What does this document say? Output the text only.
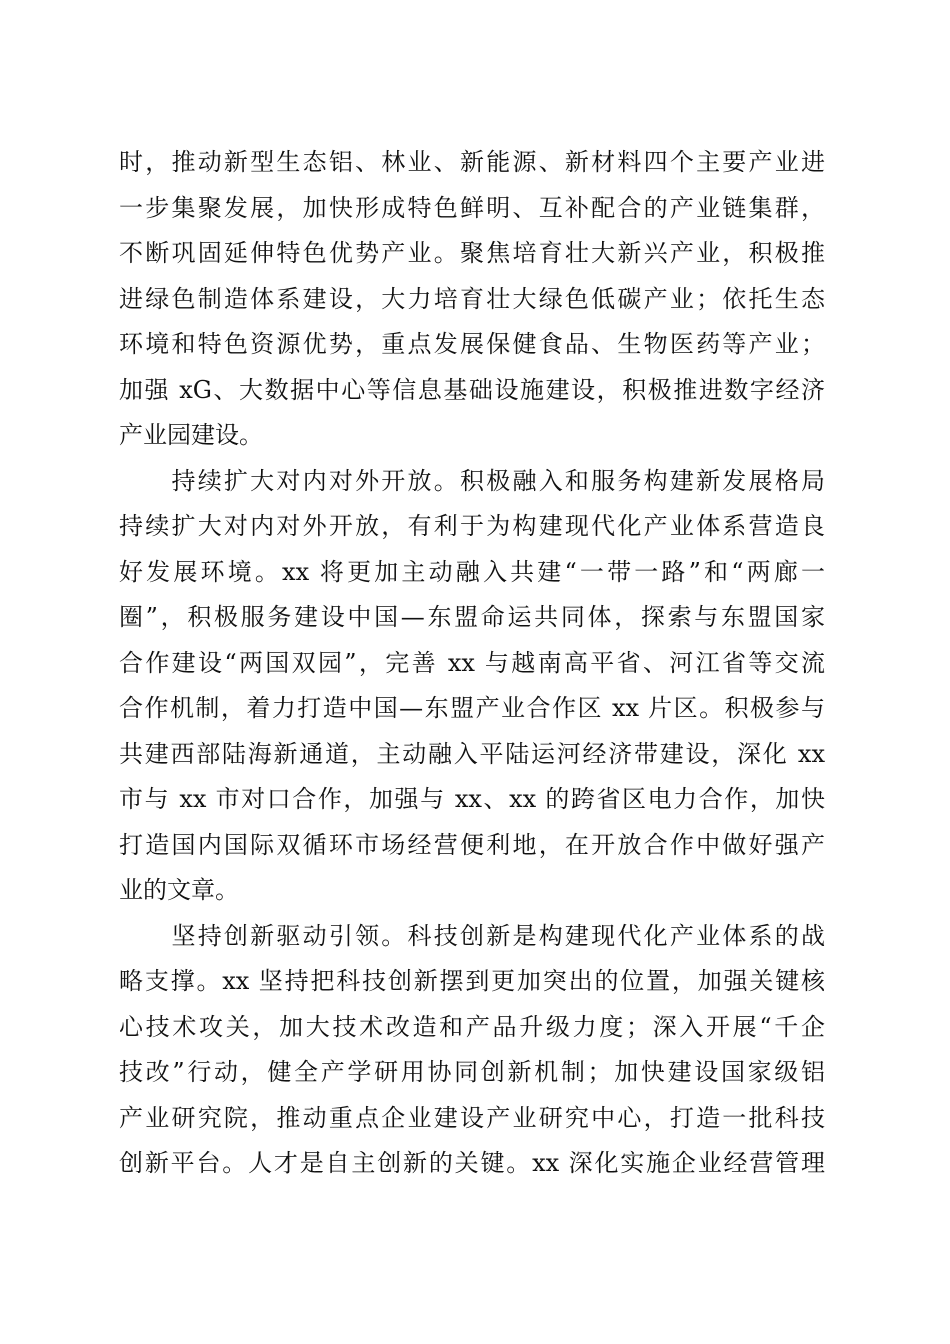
时，推动新型生态铝、林业、新能源、新材料四个主要产业进
一步集聚发展，加快形成特色鲜明、互补配合的产业链集群，
不断巩固延伸特色优势产业。聚焦培育壮大新兴产业，积极推
进绿色制造体系建设，大力培育壮大绿色低碳产业；依托生态
环境和特色资源优势，重点发展保健食品、生物医药等产业；
加强 xG、大数据中心等信息基础设施建设，积极推进数字经济
产业园建设。
　　持续扩大对内对外开放。积极融入和服务构建新发展格局
持续扩大对内对外开放，有利于为构建现代化产业体系营造良
好发展环境。xx 将更加主动融入共建“一带一路”和“两廊一
圈”，积极服务建设中国—东盟命运共同体，探索与东盟国家
合作建设“两国双园”，完善 xx 与越南高平省、河江省等交流
合作机制，着力打造中国—东盟产业合作区 xx 片区。积极参与
共建西部陆海新通道，主动融入平陆运河经济带建设，深化 xx
市与 xx 市对口合作，加强与 xx、xx 的跨省区电力合作，加快
打造国内国际双循环市场经营便利地，在开放合作中做好强产
业的文章。
　　坚持创新驱动引领。科技创新是构建现代化产业体系的战
略支撑。xx 坚持把科技创新摆到更加突出的位置，加强关键核
心技术攻关，加大技术改造和产品升级力度；深入开展“千企
技改”行动，健全产学研用协同创新机制；加快建设国家级铝
产业研究院，推动重点企业建设产业研究中心，打造一批科技
创新平台。人才是自主创新的关键。xx 深化实施企业经营管理
